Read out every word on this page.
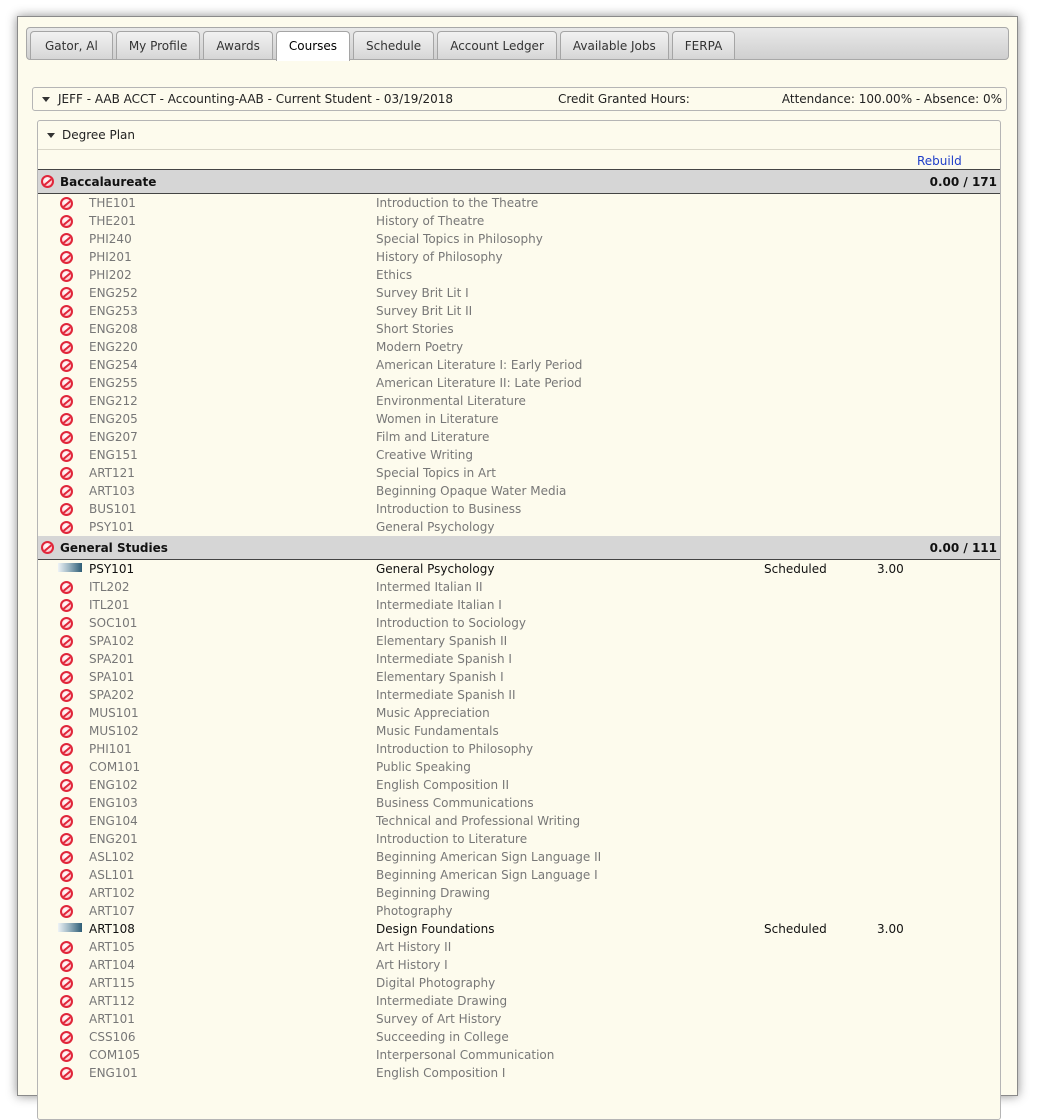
Gator, Al	My Profile	Awards	Courses	Schedule	Account Ledger	Available Jobs	FERPA
JEFF - AAB ACCT - Accounting-AAB - Current Student - 03/19/2018	Credit Granted Hours:	Attendance: 100.00% - Absence: 0%
Degree Plan
Rebuild
Baccalaureate	0.00 / 171
THE101	Introduction to the Theatre
THE201	History of Theatre
PHI240	Special Topics in Philosophy
PHI201	History of Philosophy
PHI202	Ethics
ENG252	Survey Brit Lit I
ENG253	Survey Brit Lit II
ENG208	Short Stories
ENG220	Modern Poetry
ENG254	American Literature I: Early Period
ENG255	American Literature II: Late Period
ENG212	Environmental Literature
ENG205	Women in Literature
ENG207	Film and Literature
ENG151	Creative Writing
ART121	Special Topics in Art
ART103	Beginning Opaque Water Media
BUS101	Introduction to Business
PSY101	General Psychology
General Studies	0.00 / 111
PSY101	General Psychology	Scheduled	3.00
ITL202	Intermed Italian II
ITL201	Intermediate Italian I
SOC101	Introduction to Sociology
SPA102	Elementary Spanish II
SPA201	Intermediate Spanish I
SPA101	Elementary Spanish I
SPA202	Intermediate Spanish II
MUS101	Music Appreciation
MUS102	Music Fundamentals
PHI101	Introduction to Philosophy
COM101	Public Speaking
ENG102	English Composition II
ENG103	Business Communications
ENG104	Technical and Professional Writing
ENG201	Introduction to Literature
ASL102	Beginning American Sign Language II
ASL101	Beginning American Sign Language I
ART102	Beginning Drawing
ART107	Photography
ART108	Design Foundations	Scheduled	3.00
ART105	Art History II
ART104	Art History I
ART115	Digital Photography
ART112	Intermediate Drawing
ART101	Survey of Art History
CSS106	Succeeding in College
COM105	Interpersonal Communication
ENG101	English Composition I
